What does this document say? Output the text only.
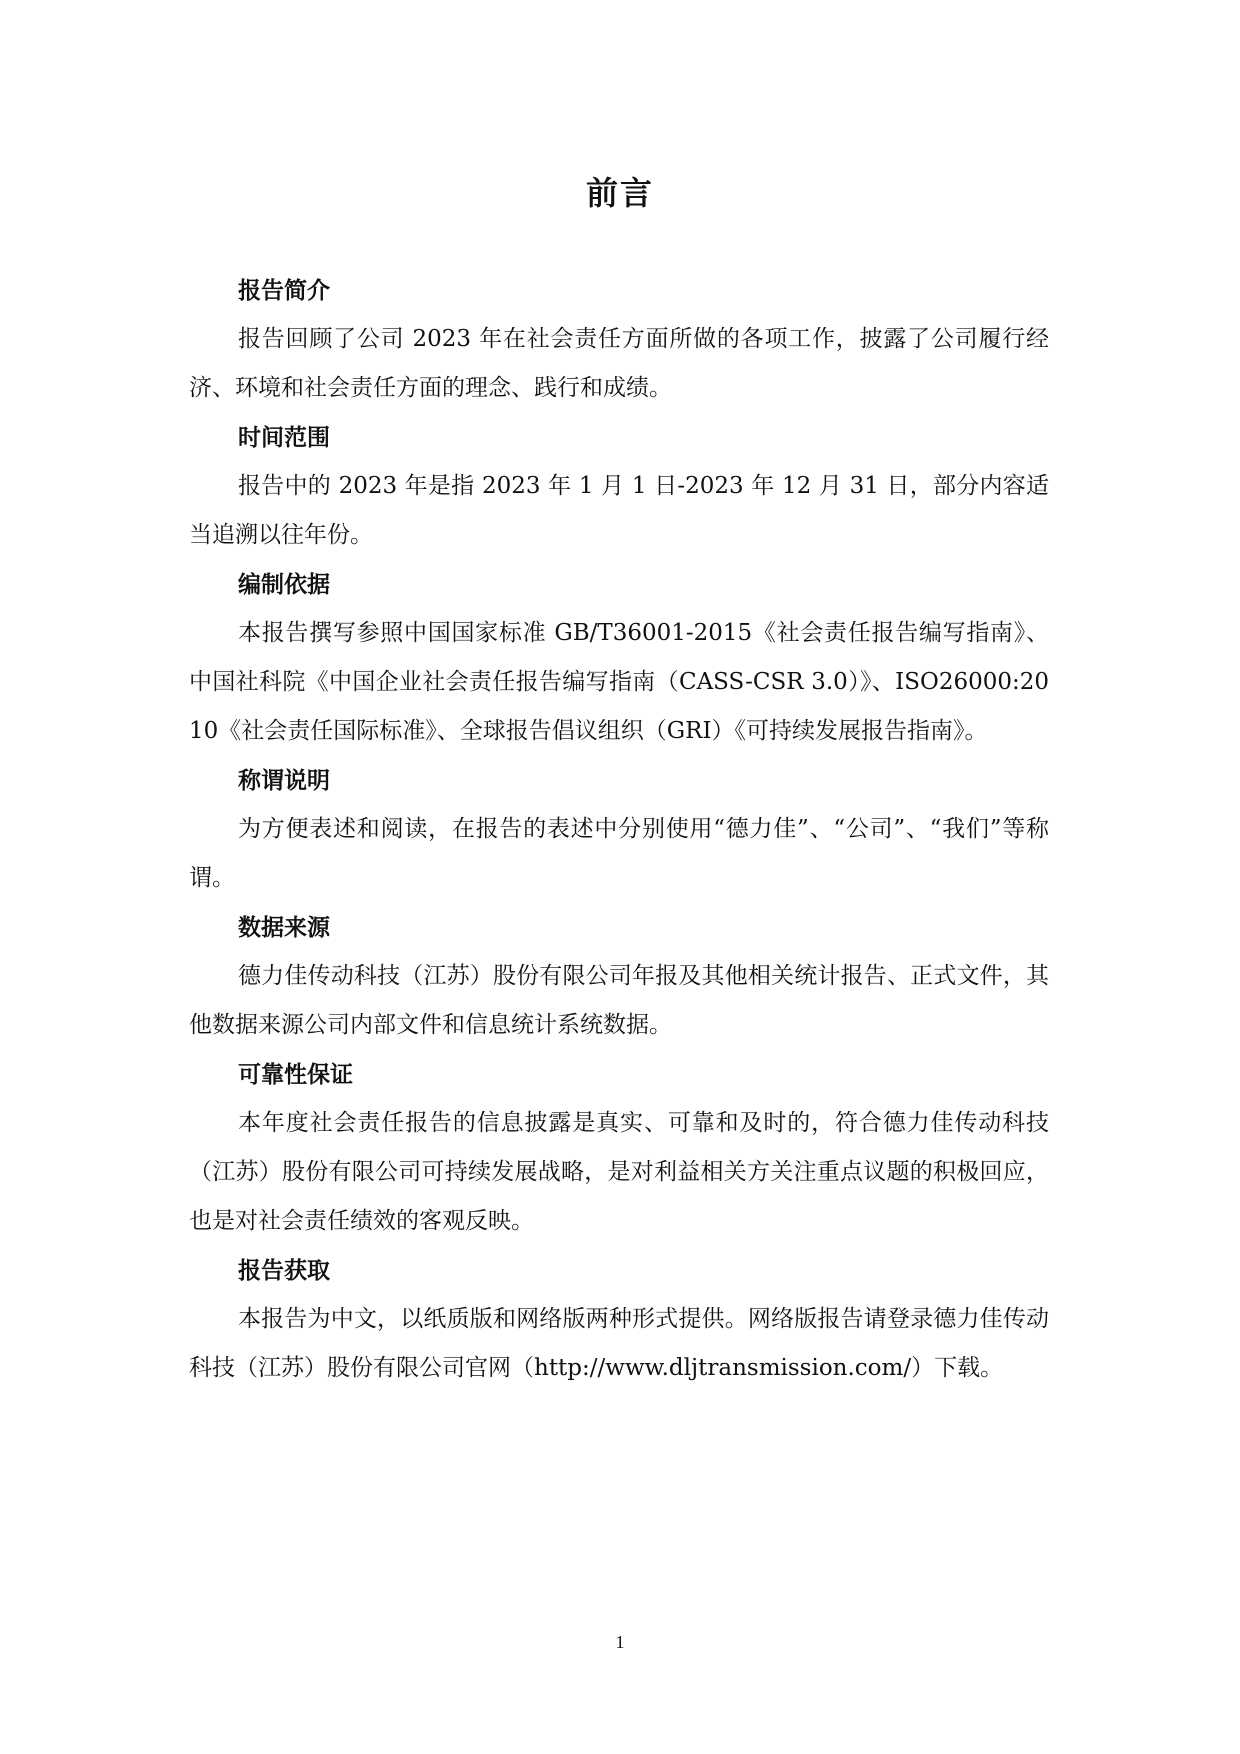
前言

报告简介

报告回顾了公司 2023 年在社会责任方面所做的各项工作，披露了公司履行经济、环境和社会责任方面的理念、践行和成绩。

时间范围

报告中的 2023 年是指 2023 年 1 月 1 日-2023 年 12 月 31 日，部分内容适当追溯以往年份。

编制依据

本报告撰写参照中国国家标准 GB/T36001-2015《社会责任报告编写指南》、中国社科院《中国企业社会责任报告编写指南（CASS-CSR 3.0）》、ISO26000:2010《社会责任国际标准》、全球报告倡议组织（GRI）《可持续发展报告指南》。

称谓说明

为方便表述和阅读，在报告的表述中分别使用“德力佳”、“公司”、“我们”等称谓。

数据来源

德力佳传动科技（江苏）股份有限公司年报及其他相关统计报告、正式文件，其他数据来源公司内部文件和信息统计系统数据。

可靠性保证

本年度社会责任报告的信息披露是真实、可靠和及时的，符合德力佳传动科技（江苏）股份有限公司可持续发展战略，是对利益相关方关注重点议题的积极回应，也是对社会责任绩效的客观反映。

报告获取

本报告为中文，以纸质版和网络版两种形式提供。网络版报告请登录德力佳传动科技（江苏）股份有限公司官网（http://www.dljtransmission.com/）下载。

1
